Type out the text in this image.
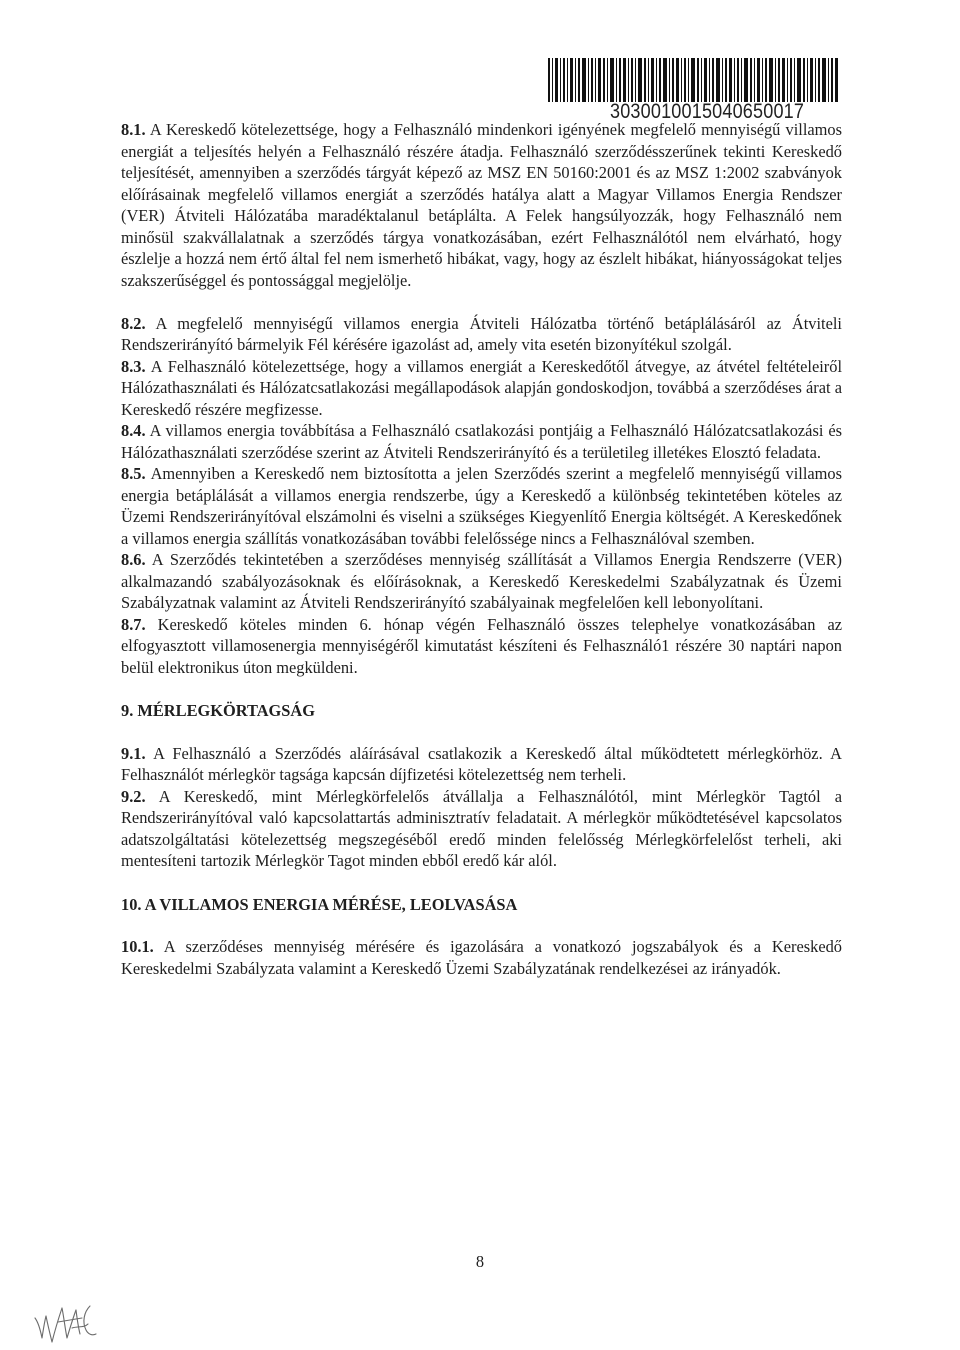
3030010015040650017

8.1. A Kereskedő kötelezettsége, hogy a Felhasználó mindenkori igényének megfelelő mennyiségű villamos energiát a teljesítés helyén a Felhasználó részére átadja. Felhasználó szerződésszerűnek tekinti Kereskedő teljesítését, amennyiben a szerződés tárgyát képező az MSZ EN 50160:2001 és az MSZ 1:2002 szabványok előírásainak megfelelő villamos energiát a szerződés hatálya alatt a Magyar Villamos Energia Rendszer (VER) Átviteli Hálózatába maradéktalanul betáplálta. A Felek hangsúlyozzák, hogy Felhasználó nem minősül szakvállalatnak a szerződés tárgya vonatkozásában, ezért Felhasználótól nem elvárható, hogy észlelje a hozzá nem értő által fel nem ismerhető hibákat, vagy, hogy az észlelt hibákat, hiányosságokat teljes szakszerűséggel és pontossággal megjelölje.

8.2. A megfelelő mennyiségű villamos energia Átviteli Hálózatba történő betáplálásáról az Átviteli Rendszerirányító bármelyik Fél kérésére igazolást ad, amely vita esetén bizonyítékul szolgál.

8.3. A Felhasználó kötelezettsége, hogy a villamos energiát a Kereskedőtől átvegye, az átvétel feltételeiről Hálózathasználati és Hálózatcsatlakozási megállapodások alapján gondoskodjon, továbbá a szerződéses árat a Kereskedő részére megfizesse.

8.4. A villamos energia továbbítása a Felhasználó csatlakozási pontjáig a Felhasználó Hálózatcsatlakozási és Hálózathasználati szerződése szerint az Átviteli Rendszerirányító és a területileg illetékes Elosztó feladata.

8.5. Amennyiben a Kereskedő nem biztosította a jelen Szerződés szerint a megfelelő mennyiségű villamos energia betáplálását a villamos energia rendszerbe, úgy a Kereskedő a különbség tekintetében köteles az Üzemi Rendszerirányítóval elszámolni és viselni a szükséges Kiegyenlítő Energia költségét. A Kereskedőnek a villamos energia szállítás vonatkozásában további felelőssége nincs a Felhasználóval szemben.

8.6. A Szerződés tekintetében a szerződéses mennyiség szállítását a Villamos Energia Rendszerre (VER) alkalmazandó szabályozásoknak és előírásoknak, a Kereskedő Kereskedelmi Szabályzatnak és Üzemi Szabályzatnak valamint az Átviteli Rendszerirányító szabályainak megfelelően kell lebonyolítani.

8.7. Kereskedő köteles minden 6. hónap végén Felhasználó összes telephelye vonatkozásában az elfogyasztott villamosenergia mennyiségéről kimutatást készíteni és Felhasználó1 részére 30 naptári napon belül elektronikus úton megküldeni.

9. MÉRLEGKÖRTAGSÁG

9.1. A Felhasználó a Szerződés aláírásával csatlakozik a Kereskedő által működtetett mérlegkörhöz. A Felhasználót mérlegkör tagsága kapcsán díjfizetési kötelezettség nem terheli.

9.2. A Kereskedő, mint Mérlegkörfelelős átvállalja a Felhasználótól, mint Mérlegkör Tagtól a Rendszerirányítóval való kapcsolattartás adminisztratív feladatait. A mérlegkör működtetésével kapcsolatos adatszolgáltatási kötelezettség megszegéséből eredő minden felelősség Mérlegkörfelelőst terheli, aki mentesíteni tartozik Mérlegkör Tagot minden ebből eredő kár alól.

10. A VILLAMOS ENERGIA MÉRÉSE, LEOLVASÁSA

10.1. A szerződéses mennyiség mérésére és igazolására a vonatkozó jogszabályok és a Kereskedő Kereskedelmi Szabályzata valamint a Kereskedő Üzemi Szabályzatának rendelkezései az irányadók.

8
